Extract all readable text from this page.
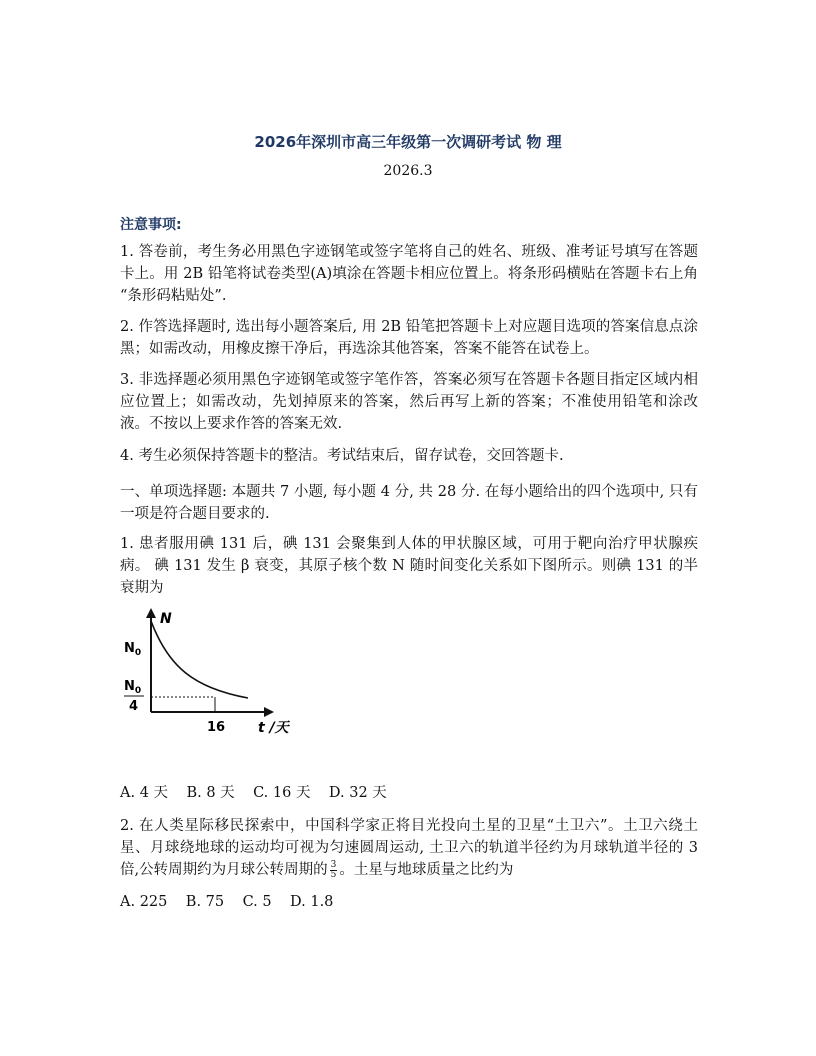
2026年深圳市高三年级第一次调研考试 物 理
2026.3
注意事项:

1. 答卷前，考生务必用黑色字迹钢笔或签字笔将自己的姓名、班级、准考证号填写在答题卡上。用 2B 铅笔将试卷类型(A)填涂在答题卡相应位置上。将条形码横贴在答题卡右上角 “条形码粘贴处”.

2. 作答选择题时, 选出每小题答案后, 用 2B 铅笔把答题卡上对应题目选项的答案信息点涂黑；如需改动，用橡皮擦干净后，再选涂其他答案，答案不能答在试卷上。

3. 非选择题必须用黑色字迹钢笔或签字笔作答，答案必须写在答题卡各题目指定区域内相应位置上；如需改动，先划掉原来的答案，然后再写上新的答案；不准使用铅笔和涂改液。不按以上要求作答的答案无效.

4. 考生必须保持答题卡的整洁。考试结束后，留存试卷，交回答题卡.

一、单项选择题: 本题共 7 小题, 每小题 4 分, 共 28 分. 在每小题给出的四个选项中, 只有一项是符合题目要求的.

1. 患者服用碘 131 后，碘 131 会聚集到人体的甲状腺区域，可用于靶向治疗甲状腺疾病。 碘 131 发生 β 衰变，其原子核个数 N 随时间变化关系如下图所示。则碘 131 的半衰期为

N
$N_0$
$N_0$
4
16 t /天
A. 4 天    B. 8 天    C. 16 天    D. 32 天

2. 在人类星际移民探索中，中国科学家正将目光投向土星的卫星“土卫六”。土卫六绕土星、月球绕地球的运动均可视为匀速圆周运动, 土卫六的轨道半径约为月球轨道半径的 3 倍,公转周期约为月球公转周期的 $\frac{3}{5}$ 。土星与地球质量之比约为

A. 225    B. 75    C. 5    D. 1.8
